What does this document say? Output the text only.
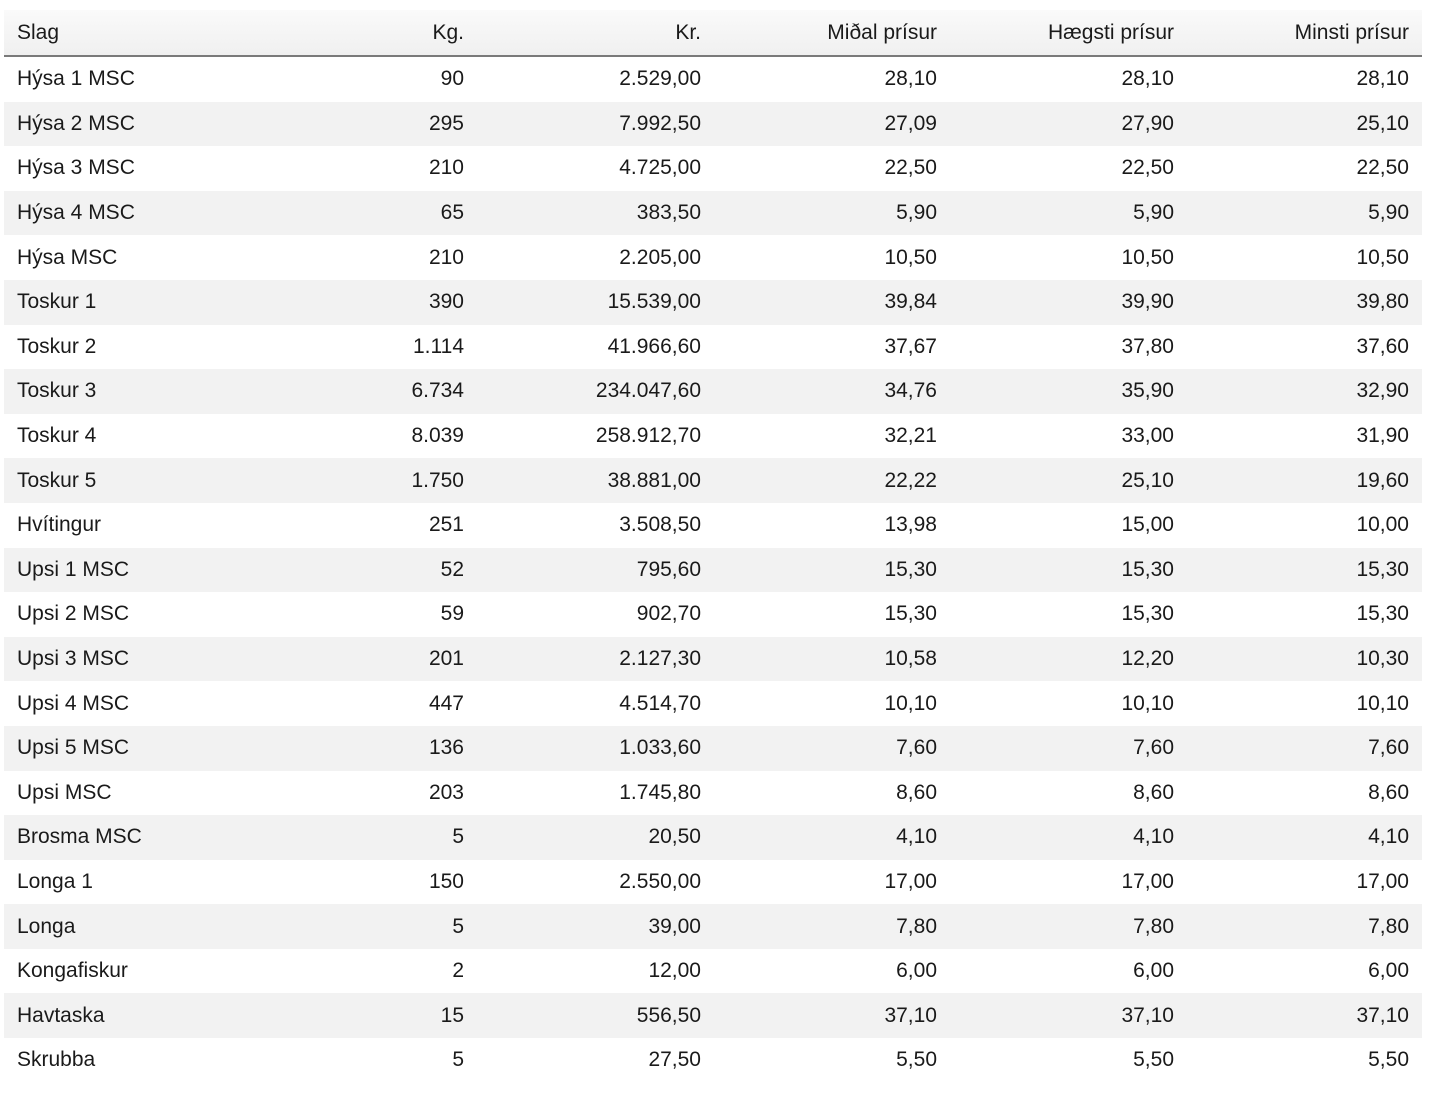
Slag	Kg.	Kr.	Miðal prísur	Hægsti prísur	Minsti prísur
Hýsa 1 MSC	90	2.529,00	28,10	28,10	28,10
Hýsa 2 MSC	295	7.992,50	27,09	27,90	25,10
Hýsa 3 MSC	210	4.725,00	22,50	22,50	22,50
Hýsa 4 MSC	65	383,50	5,90	5,90	5,90
Hýsa MSC	210	2.205,00	10,50	10,50	10,50
Toskur 1	390	15.539,00	39,84	39,90	39,80
Toskur 2	1.114	41.966,60	37,67	37,80	37,60
Toskur 3	6.734	234.047,60	34,76	35,90	32,90
Toskur 4	8.039	258.912,70	32,21	33,00	31,90
Toskur 5	1.750	38.881,00	22,22	25,10	19,60
Hvítingur	251	3.508,50	13,98	15,00	10,00
Upsi 1 MSC	52	795,60	15,30	15,30	15,30
Upsi 2 MSC	59	902,70	15,30	15,30	15,30
Upsi 3 MSC	201	2.127,30	10,58	12,20	10,30
Upsi 4 MSC	447	4.514,70	10,10	10,10	10,10
Upsi 5 MSC	136	1.033,60	7,60	7,60	7,60
Upsi MSC	203	1.745,80	8,60	8,60	8,60
Brosma MSC	5	20,50	4,10	4,10	4,10
Longa 1	150	2.550,00	17,00	17,00	17,00
Longa	5	39,00	7,80	7,80	7,80
Kongafiskur	2	12,00	6,00	6,00	6,00
Havtaska	15	556,50	37,10	37,10	37,10
Skrubba	5	27,50	5,50	5,50	5,50
